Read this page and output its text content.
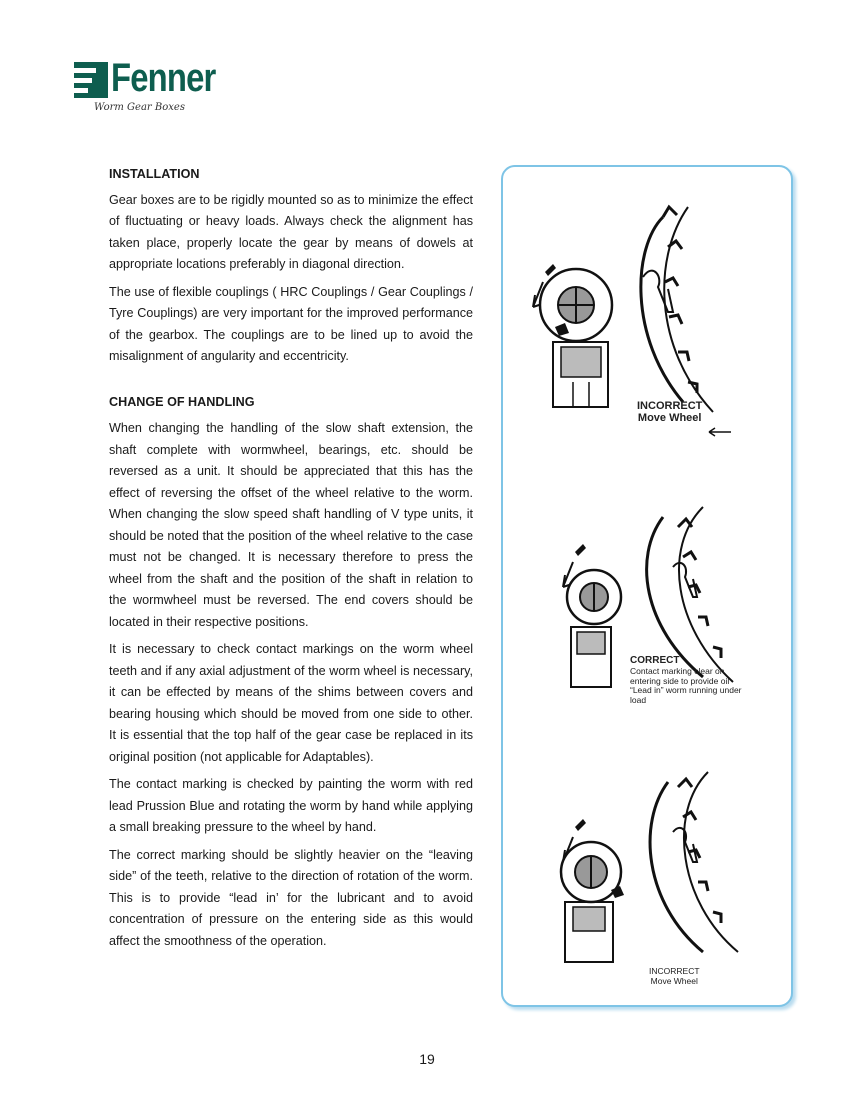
Fenner
Worm Gear Boxes
INSTALLATION

Gear boxes are to be rigidly mounted so as to minimize the effect of fluctuating or heavy loads. Always check the alignment has taken place, properly locate the gear by means of dowels at appropriate locations preferably in diagonal direction.

The use of flexible couplings ( HRC Couplings / Gear Couplings / Tyre Couplings) are very important for the improved performance of the gearbox. The couplings are to be lined up to avoid the misalignment of angularity and eccentricity.

CHANGE OF HANDLING

When changing the handling of the slow shaft extension, the shaft complete with wormwheel, bearings, etc. should be reversed as a unit. It should be appreciated that this has the effect of reversing the offset of the wheel relative to the worm. When changing the slow speed shaft handling of V type units, it should be noted that the position of the wheel relative to the case must not be changed. It is necessary therefore to press the wheel from the shaft and the position of the shaft in relation to the wormwheel must be reversed. The end covers should be located in their respective positions.

It is necessary to check contact markings on the worm wheel teeth and if any axial adjustment of the worm wheel is necessary, it can be effected by means of the shims between covers and bearing housing which should be moved from one side to other. It is essential that the top half of the gear case be replaced in its original position (not applicable for Adaptables).

The contact marking is checked by painting the worm with red lead Prussion Blue and rotating the worm by hand while applying a small breaking pressure to the wheel by hand.

The correct marking should be slightly heavier on the “leaving side” of the teeth, relative to the direction of rotation of the worm. This is to provide “lead in’ for the lubricant and to avoid concentration of pressure on the entering side as this would affect the smoothness of the operation.

INCORRECT
Move Wheel
CORRECT
Contact marking clear on entering side to provide oil “Lead in” worm running under load
INCORRECT
Move Wheel
19
